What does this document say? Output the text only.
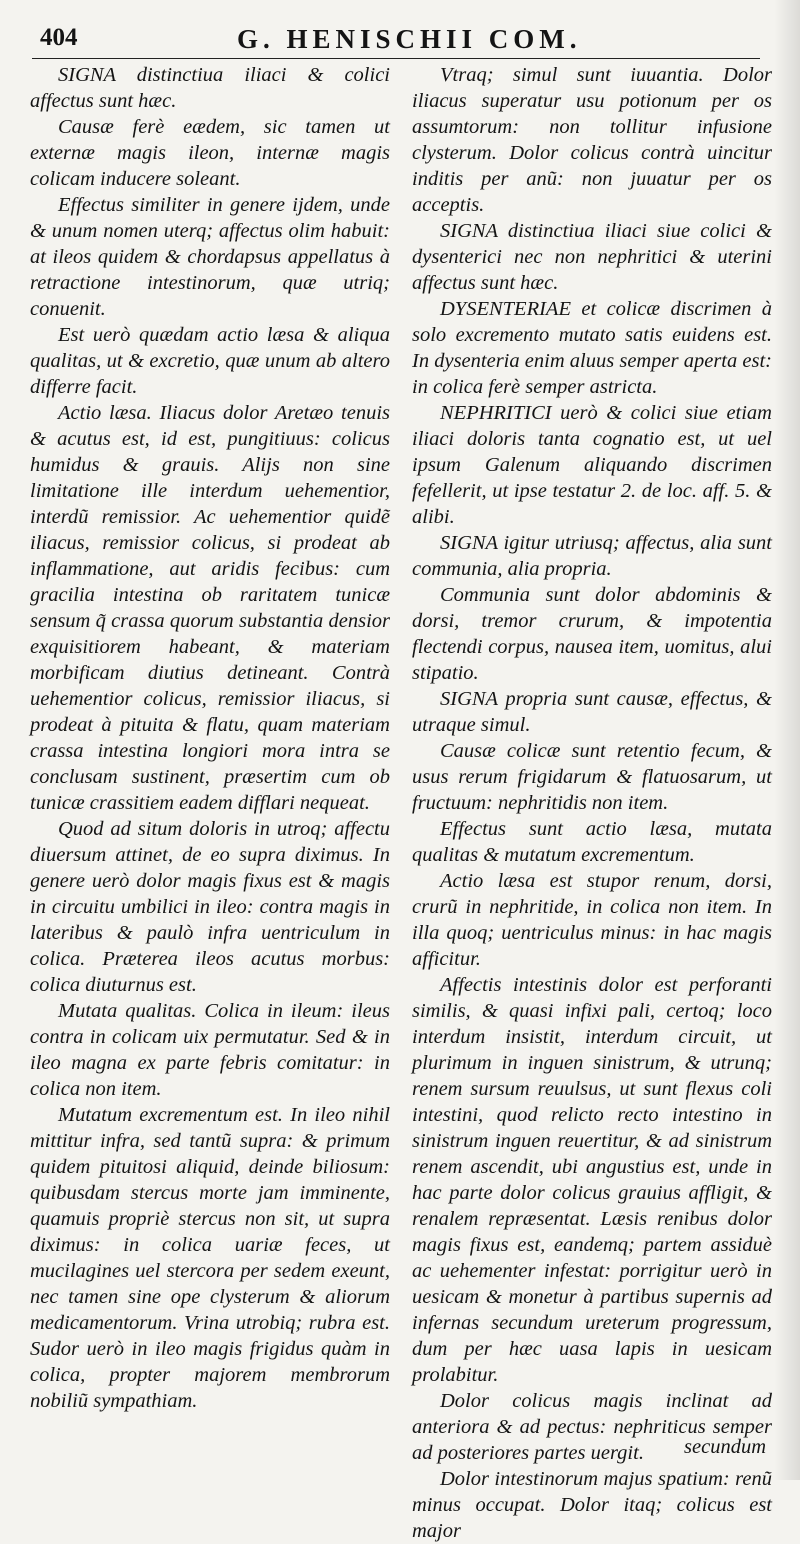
404	G. HENISCHII COM.

SIGNA distinctiua iliaci & colici affectus sunt hæc.

Causæ ferè eædem, sic tamen ut externæ magis ileon, internæ magis colicam inducere soleant.

Effectus similiter in genere ijdem, unde & unum nomen uterq; affectus olim habuit: at ileos quidem & chordapsus appellatus à retractione intestinorum, quæ utriq; conuenit.

Est uerò quædam actio læsa & aliqua qualitas, ut & excretio, quæ unum ab altero differre facit.

Actio læsa. Iliacus dolor Aretæo tenuis & acutus est, id est, pungitiuus: colicus humidus & grauis. Alijs non sine limitatione ille interdum uehementior, interdũ remissior. Ac uehementior quidẽ iliacus, remissior colicus, si prodeat ab inflammatione, aut aridis fecibus: cum gracilia intestina ob raritatem tunicæ sensum q̃ crassa quorum substantia densior exquisitiorem habeant, & materiam morbificam diutius detineant. Contrà uehementior colicus, remissior iliacus, si prodeat à pituita & flatu, quam materiam crassa intestina longiori mora intra se conclusam sustinent, præsertim cum ob tunicæ crassitiem eadem difflari nequeat.

Quod ad situm doloris in utroq; affectu diuersum attinet, de eo supra diximus. In genere uerò dolor magis fixus est & magis in circuitu umbilici in ileo: contra magis in lateribus & paulò infra uentriculum in colica. Præterea ileos acutus morbus: colica diuturnus est.

Mutata qualitas. Colica in ileum: ileus contra in colicam uix permutatur. Sed & in ileo magna ex parte febris comitatur: in colica non item.

Mutatum excrementum est. In ileo nihil mittitur infra, sed tantũ supra: & primum quidem pituitosi aliquid, deinde biliosum: quibusdam stercus morte jam imminente, quamuis propriè stercus non sit, ut supra diximus: in colica uariæ feces, ut mucilagines uel stercora per sedem exeunt, nec tamen sine ope clysterum & aliorum medicamentorum. Vrina utrobiq; rubra est. Sudor uerò in ileo magis frigidus quàm in colica, propter majorem membrorum nobiliũ sympathiam.

Vtraq; simul sunt iuuantia. Dolor iliacus superatur usu potionum per os assumtorum: non tollitur infusione clysterum. Dolor colicus contrà uincitur inditis per anũ: non juuatur per os acceptis.

SIGNA distinctiua iliaci siue colici & dysenterici nec non nephritici & uterini affectus sunt hæc.

DYSENTERIAE et colicæ discrimen à solo excremento mutato satis euidens est. In dysenteria enim aluus semper aperta est: in colica ferè semper astricta.

NEPHRITICI uerò & colici siue etiam iliaci doloris tanta cognatio est, ut uel ipsum Galenum aliquando discrimen fefellerit, ut ipse testatur 2. de loc. aff. 5. & alibi.

SIGNA igitur utriusq; affectus, alia sunt communia, alia propria.

Communia sunt dolor abdominis & dorsi, tremor crurum, & impotentia flectendi corpus, nausea item, uomitus, alui stipatio.

SIGNA propria sunt causæ, effectus, & utraque simul.

Causæ colicæ sunt retentio fecum, & usus rerum frigidarum & flatuosarum, ut fructuum: nephritidis non item.

Effectus sunt actio læsa, mutata qualitas & mutatum excrementum.

Actio læsa est stupor renum, dorsi, crurũ in nephritide, in colica non item. In illa quoq; uentriculus minus: in hac magis afficitur.

Affectis intestinis dolor est perforanti similis, & quasi infixi pali, certoq; loco interdum insistit, interdum circuit, ut plurimum in inguen sinistrum, & utrunq; renem sursum reuulsus, ut sunt flexus coli intestini, quod relicto recto intestino in sinistrum inguen reuertitur, & ad sinistrum renem ascendit, ubi angustius est, unde in hac parte dolor colicus grauius affligit, & renalem repræsentat. Læsis renibus dolor magis fixus est, eandemq; partem assiduè ac uehementer infestat: porrigitur uerò in uesicam & monetur à partibus supernis ad infernas secundum ureterum progressum, dum per hæc uasa lapis in uesicam prolabitur.

Dolor colicus magis inclinat ad anteriora & ad pectus: nephriticus semper ad posteriores partes uergit.

Dolor intestinorum majus spatium: renũ minus occupat. Dolor itaq; colicus est major

secundum
